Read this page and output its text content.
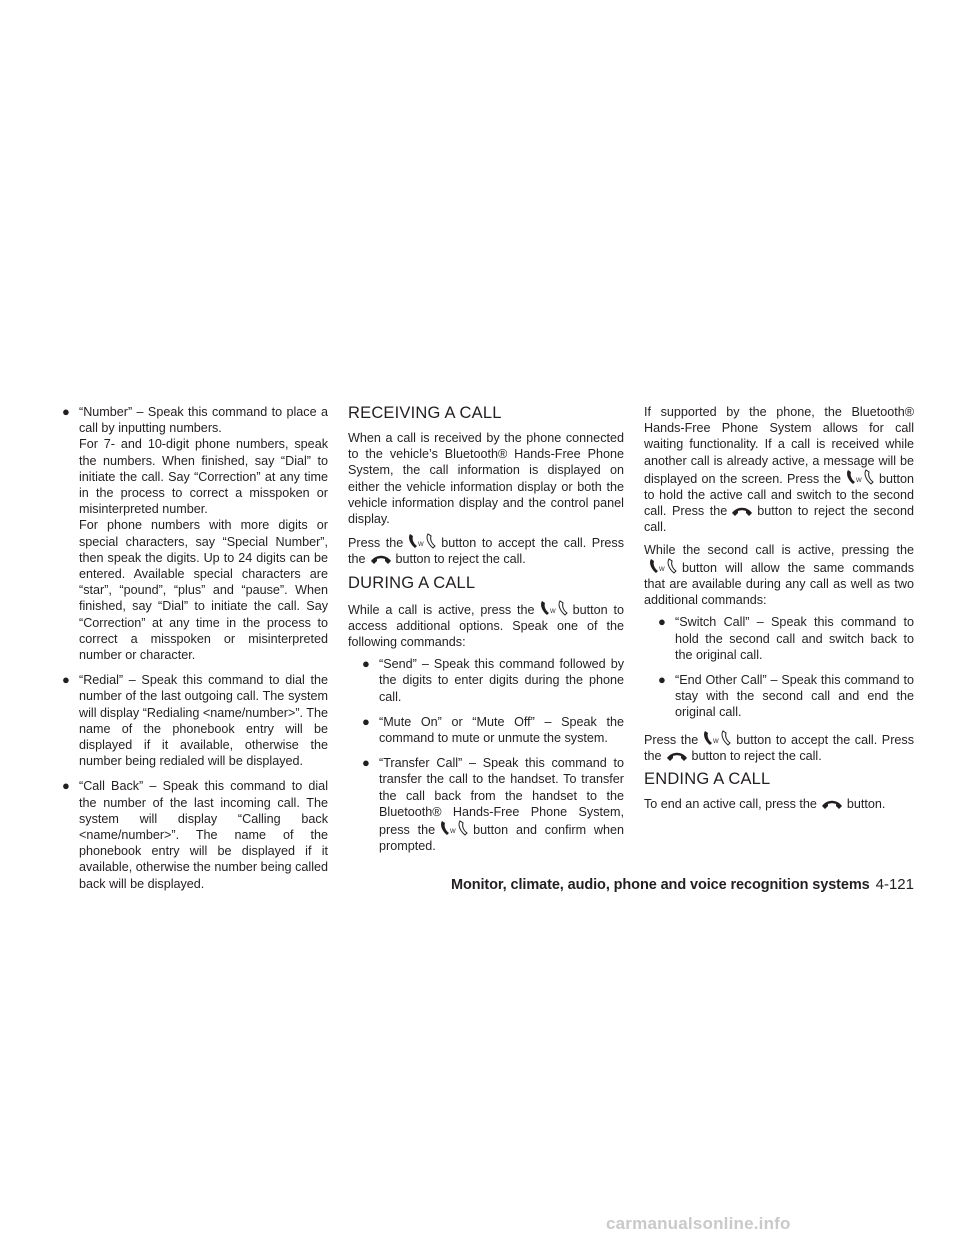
● “Number” – Speak this command to place a call by inputting numbers.

For 7- and 10-digit phone numbers, speak the numbers. When finished, say “Dial” to initiate the call. Say “Correction” at any time in the process to correct a misspoken or misinterpreted number.

For phone numbers with more digits or special characters, say “Special Number”, then speak the digits. Up to 24 digits can be entered. Available special characters are “star”, “pound”, “plus” and “pause”. When finished, say “Dial” to initiate the call. Say “Correction” at any time in the process to correct a misspoken or misinterpreted number or character.

● “Redial” – Speak this command to dial the number of the last outgoing call. The system will display “Redialing <name/number>”. The name of the phonebook entry will be displayed if it available, otherwise the number being redialed will be displayed.

● “Call Back” – Speak this command to dial the number of the last incoming call. The system will display “Calling back <name/number>”. The name of the phonebook entry will be displayed if it available, otherwise the number being called back will be displayed.

RECEIVING A CALL

When a call is received by the phone connected to the vehicle’s Bluetooth® Hands-Free Phone System, the call information is displayed on either the vehicle information display or both the vehicle information display and the control panel display.

Press the	W button to accept the call. Press the button to reject the call.

DURING A CALL

While a call is active, press the	W button to access additional options. Speak one of the following commands:

● “Send” – Speak this command followed by the digits to enter digits during the phone call.

● “Mute On” or “Mute Off” – Speak the command to mute or unmute the system.

● “Transfer Call” – Speak this command to transfer the call to the handset. To transfer the call back from the handset to the Bluetooth® Hands-Free Phone System, press the	W button and confirm when prompted.

If supported by the phone, the Bluetooth® Hands-Free Phone System allows for call waiting functionality. If a call is received while another call is already active, a message will be displayed on the screen. Press the	W button to hold the active call and switch to the second call. Press the button to reject the second call.

While the second call is active, pressing the
W button will allow the same commands that are available during any call as well as two additional commands:

● “Switch Call” – Speak this command to hold the second call and switch back to the original call.

● “End Other Call” – Speak this command to stay with the second call and end the original call.

Press the	W button to accept the call. Press the button to reject the call.

ENDING A CALL

To end an active call, press the button.

Monitor, climate, audio, phone and voice recognition systems 4-121
carmanualsonline.info
